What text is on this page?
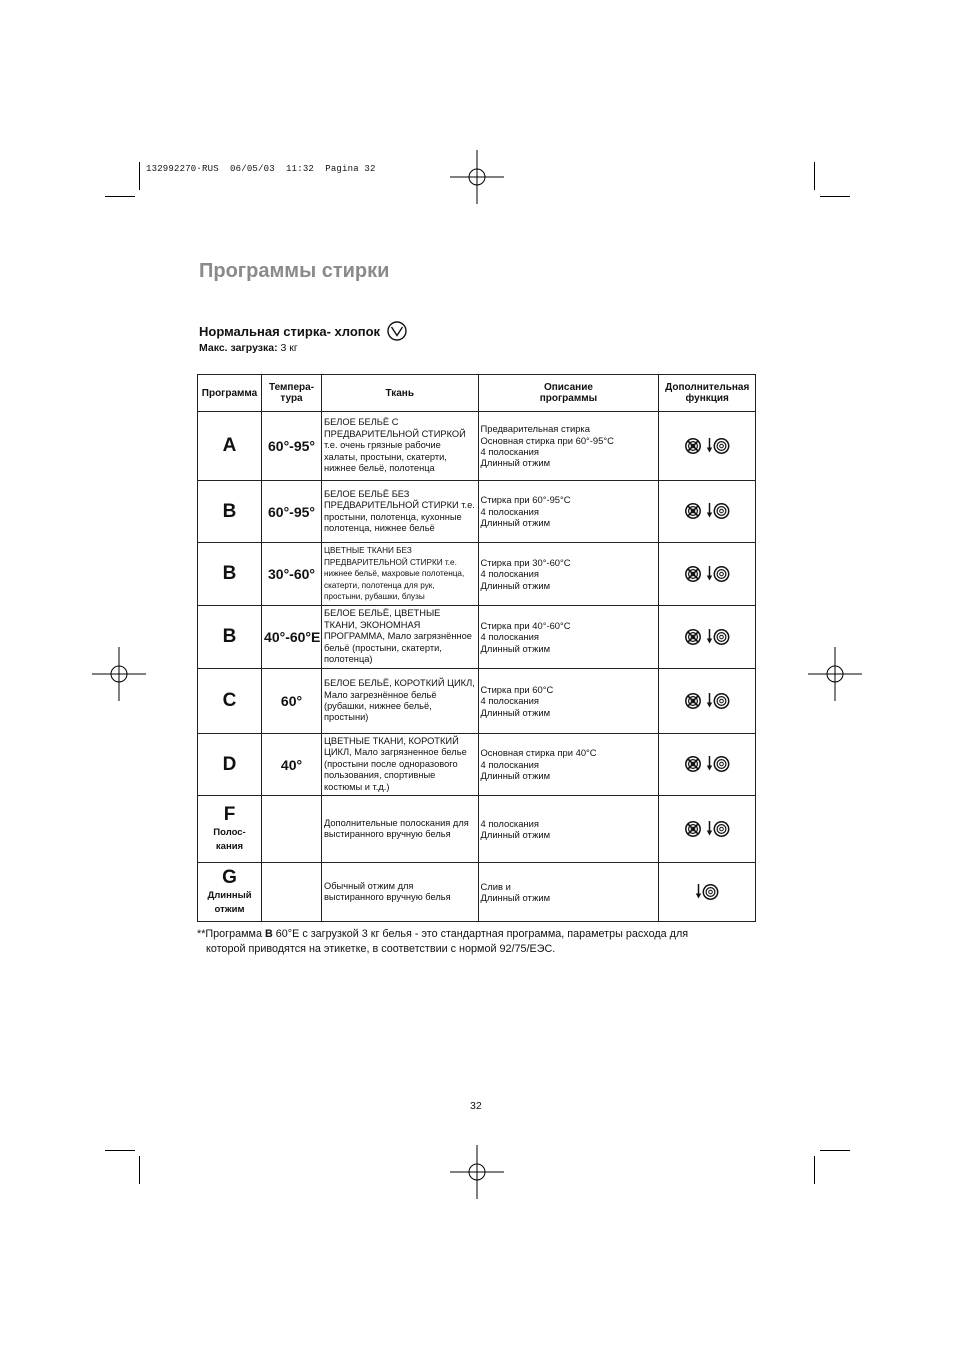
132992270·RUS  06/05/03  11:32  Pagina 32
Программы стирки
Нормальная стирка- хлопок
Макс. загрузка: 3 кг
Программа	Темпера-
тура	Ткань	Описание
программы	Дополнительная
функция

A	60°-95°	БЕЛОЕ БЕЛЬЁ С ПРЕДВАРИТЕЛЬНОЙ СТИРКОЙ т.е. очень грязные рабочие халаты, простыни, скатерти, нижнее бельё, полотенца	Предварительная стирка
Основная стирка при 60°-95°C
4 полоскания
Длинный отжим

B	60°-95°	БЕЛОЕ БЕЛЬЁ БЕЗ ПРЕДВАРИТЕЛЬНОЙ СТИРКИ т.е. простыни, полотенца, кухонные полотенца, нижнее бельё	Стирка при 60°-95°C
4 полоскания
Длинный отжим

B	30°-60°	ЦВЕТНЫЕ ТКАНИ БЕЗ ПРЕДВАРИТЕЛЬНОЙ СТИРКИ т.е. нижнее бельё, махровые полотенца, скатерти, полотенца для рук, простыни, рубашки, блузы	Стирка при 30°-60°C
4 полоскания
Длинный отжим

B	40°-60°E	БЕЛОЕ БЕЛЬЁ, ЦВЕТНЫЕ ТКАНИ, ЭКОНОМНАЯ ПРОГРАММА, Мало загрязнённое бельё (простыни, скатерти, полотенца)	Стирка при 40°-60°C
4 полоскания
Длинный отжим

C	60°	БЕЛОЕ БЕЛЬЁ, КОРОТКИЙ ЦИКЛ, Мало загрезнённое бельё (рубашки, нижнее бельё, простыни)	Стирка при 60°C
4 полоскания
Длинный отжим

D	40°	ЦВЕТНЫЕ ТКАНИ, КОРОТКИЙ ЦИКЛ, Мало загрязненное белье (простыни после одноразового пользования, спортивные костюмы и т.д.)	Основная стирка при 40°C
4 полоскания
Длинный отжим

F
Полос-
кания		Дополнительные полоскания для выстиранного вручную белья	4 полоскания
Длинный отжим

G
Длинный
отжим		Обычный отжим для выстиранного вручную белья	Слив и
Длинный отжим

**Программа B 60°E с загрузкой 3 кг белья - это стандартная программа, параметры расхода для
которой приводятся на этикетке, в соответствии с нормой 92/75/ЕЭС.
32
